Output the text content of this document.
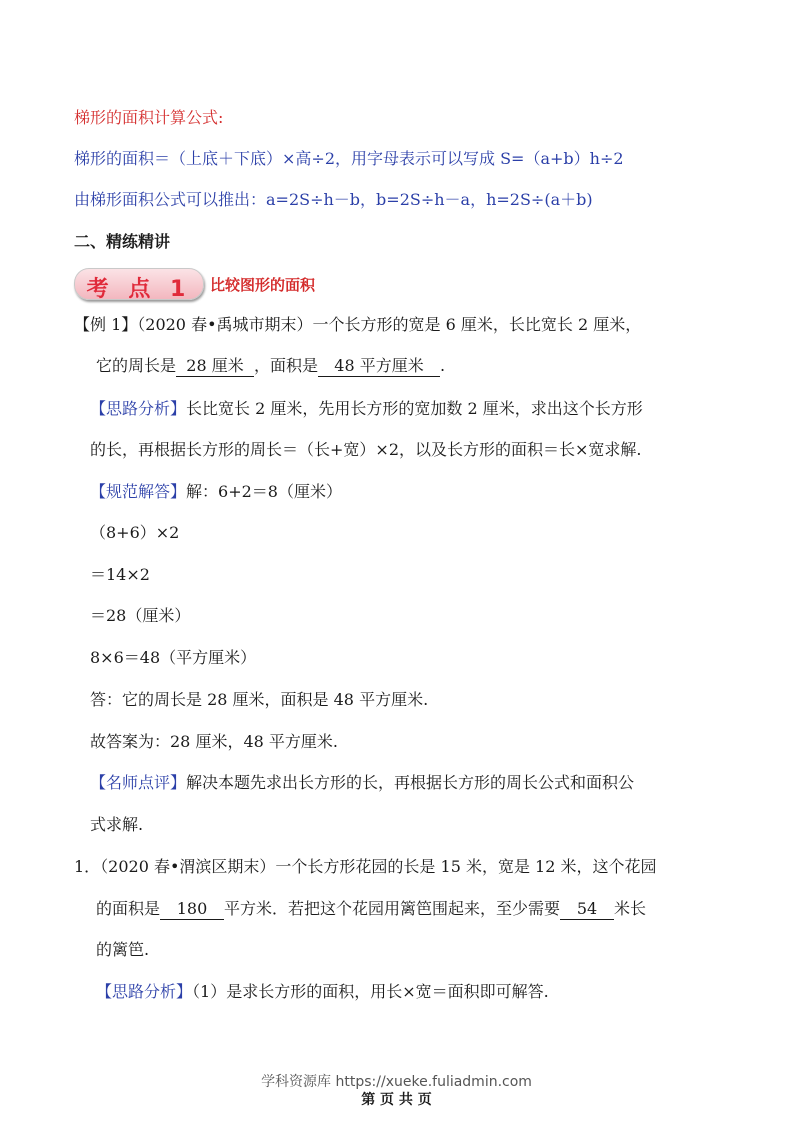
梯形的面积计算公式:
梯形的面积＝（上底＋下底）×高÷2，用字母表示可以写成 S=（a+b）h÷2
由梯形面积公式可以推出：a=2S÷h－b，b=2S÷h－a，h=2S÷(a＋b)
二、精练精讲
考 点 1	比较图形的面积
【例 1】（2020 春•禹城市期末）一个长方形的宽是 6 厘米，长比宽长 2 厘米，
它的周长是 28 厘米 ，面积是 48 平方厘米 .
【思路分析】长比宽长 2 厘米，先用长方形的宽加数 2 厘米，求出这个长方形
的长，再根据长方形的周长＝（长+宽）×2，以及长方形的面积＝长×宽求解.
【规范解答】解：6+2＝8（厘米）
（8+6）×2
＝14×2
＝28（厘米）
8×6＝48（平方厘米）
答：它的周长是 28 厘米，面积是 48 平方厘米.
故答案为：28 厘米，48 平方厘米.
【名师点评】解决本题先求出长方形的长，再根据长方形的周长公式和面积公
式求解.
1．（2020 春•渭滨区期末）一个长方形花园的长是 15 米，宽是 12 米，这个花园
的面积是 180 平方米．若把这个花园用篱笆围起来，至少需要 54 米长
的篱笆.
【思路分析】（1）是求长方形的面积，用长×宽＝面积即可解答.
学科资源库 https://xueke.fuliadmin.com
第 页 共 页
